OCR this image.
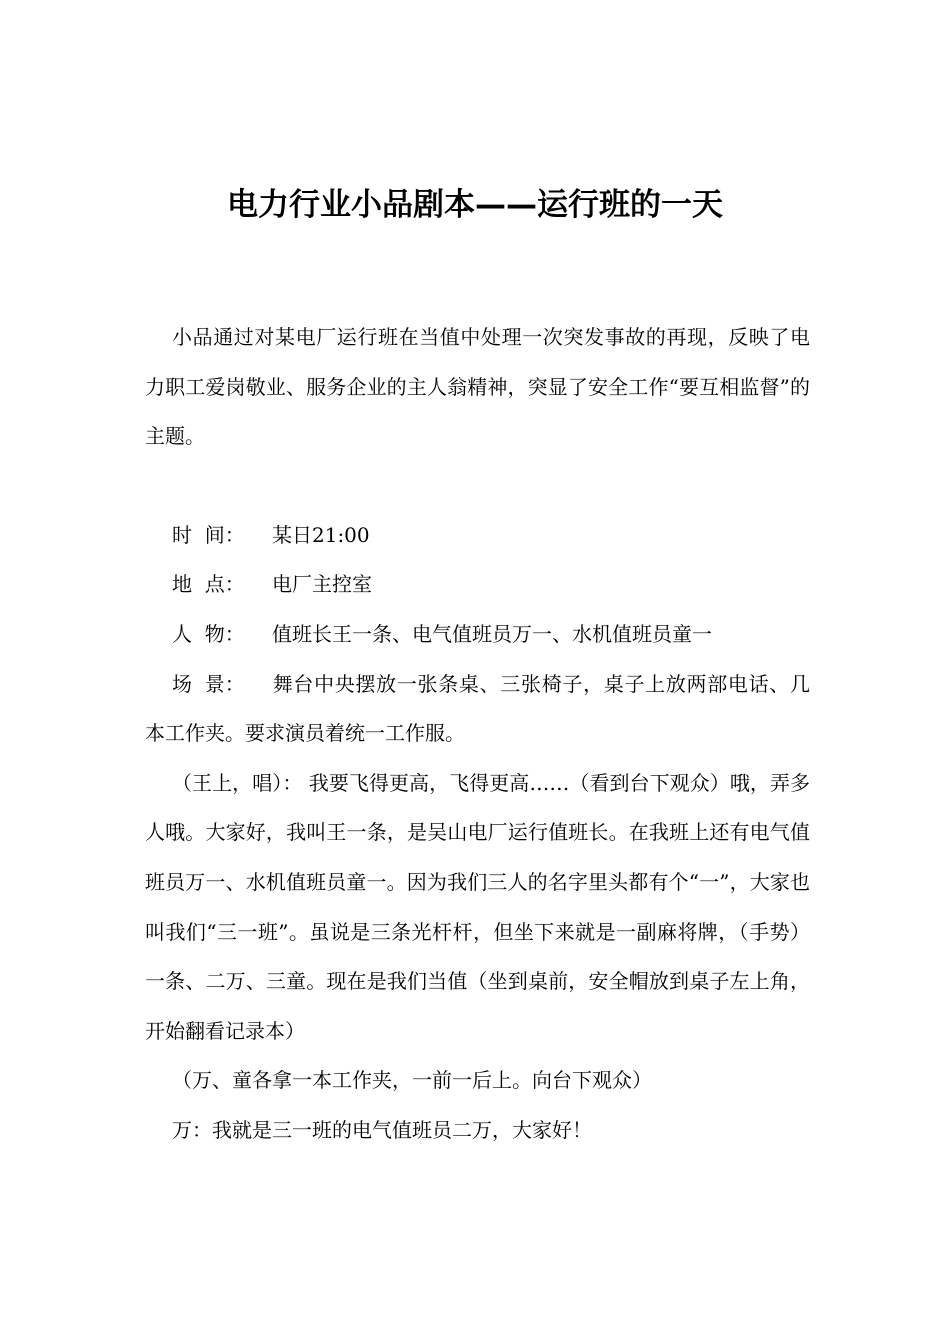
电力行业小品剧本——运行班的一天

小品通过对某电厂运行班在当值中处理一次突发事故的再现，反映了电力职工爱岗敬业、服务企业的主人翁精神，突显了安全工作“要互相监督”的主题。

时  间：	某日21:00
地  点：	电厂主控室
人  物：	值班长王一条、电气值班员万一、水机值班员童一

场  景： 舞台中央摆放一张条桌、三张椅子，桌子上放两部电话、几本工作夹。要求演员着统一工作服。

（王上，唱）： 我要飞得更高，飞得更高……（看到台下观众）哦，弄多人哦。大家好，我叫王一条，是吴山电厂运行值班长。在我班上还有电气值班员万一、水机值班员童一。因为我们三人的名字里头都有个“一”，大家也叫我们“三一班”。虽说是三条光杆杆，但坐下来就是一副麻将牌，（手势）一条、二万、三童。现在是我们当值（坐到桌前，安全帽放到桌子左上角，开始翻看记录本）

（万、童各拿一本工作夹，一前一后上。向台下观众）

万：我就是三一班的电气值班员二万，大家好！
